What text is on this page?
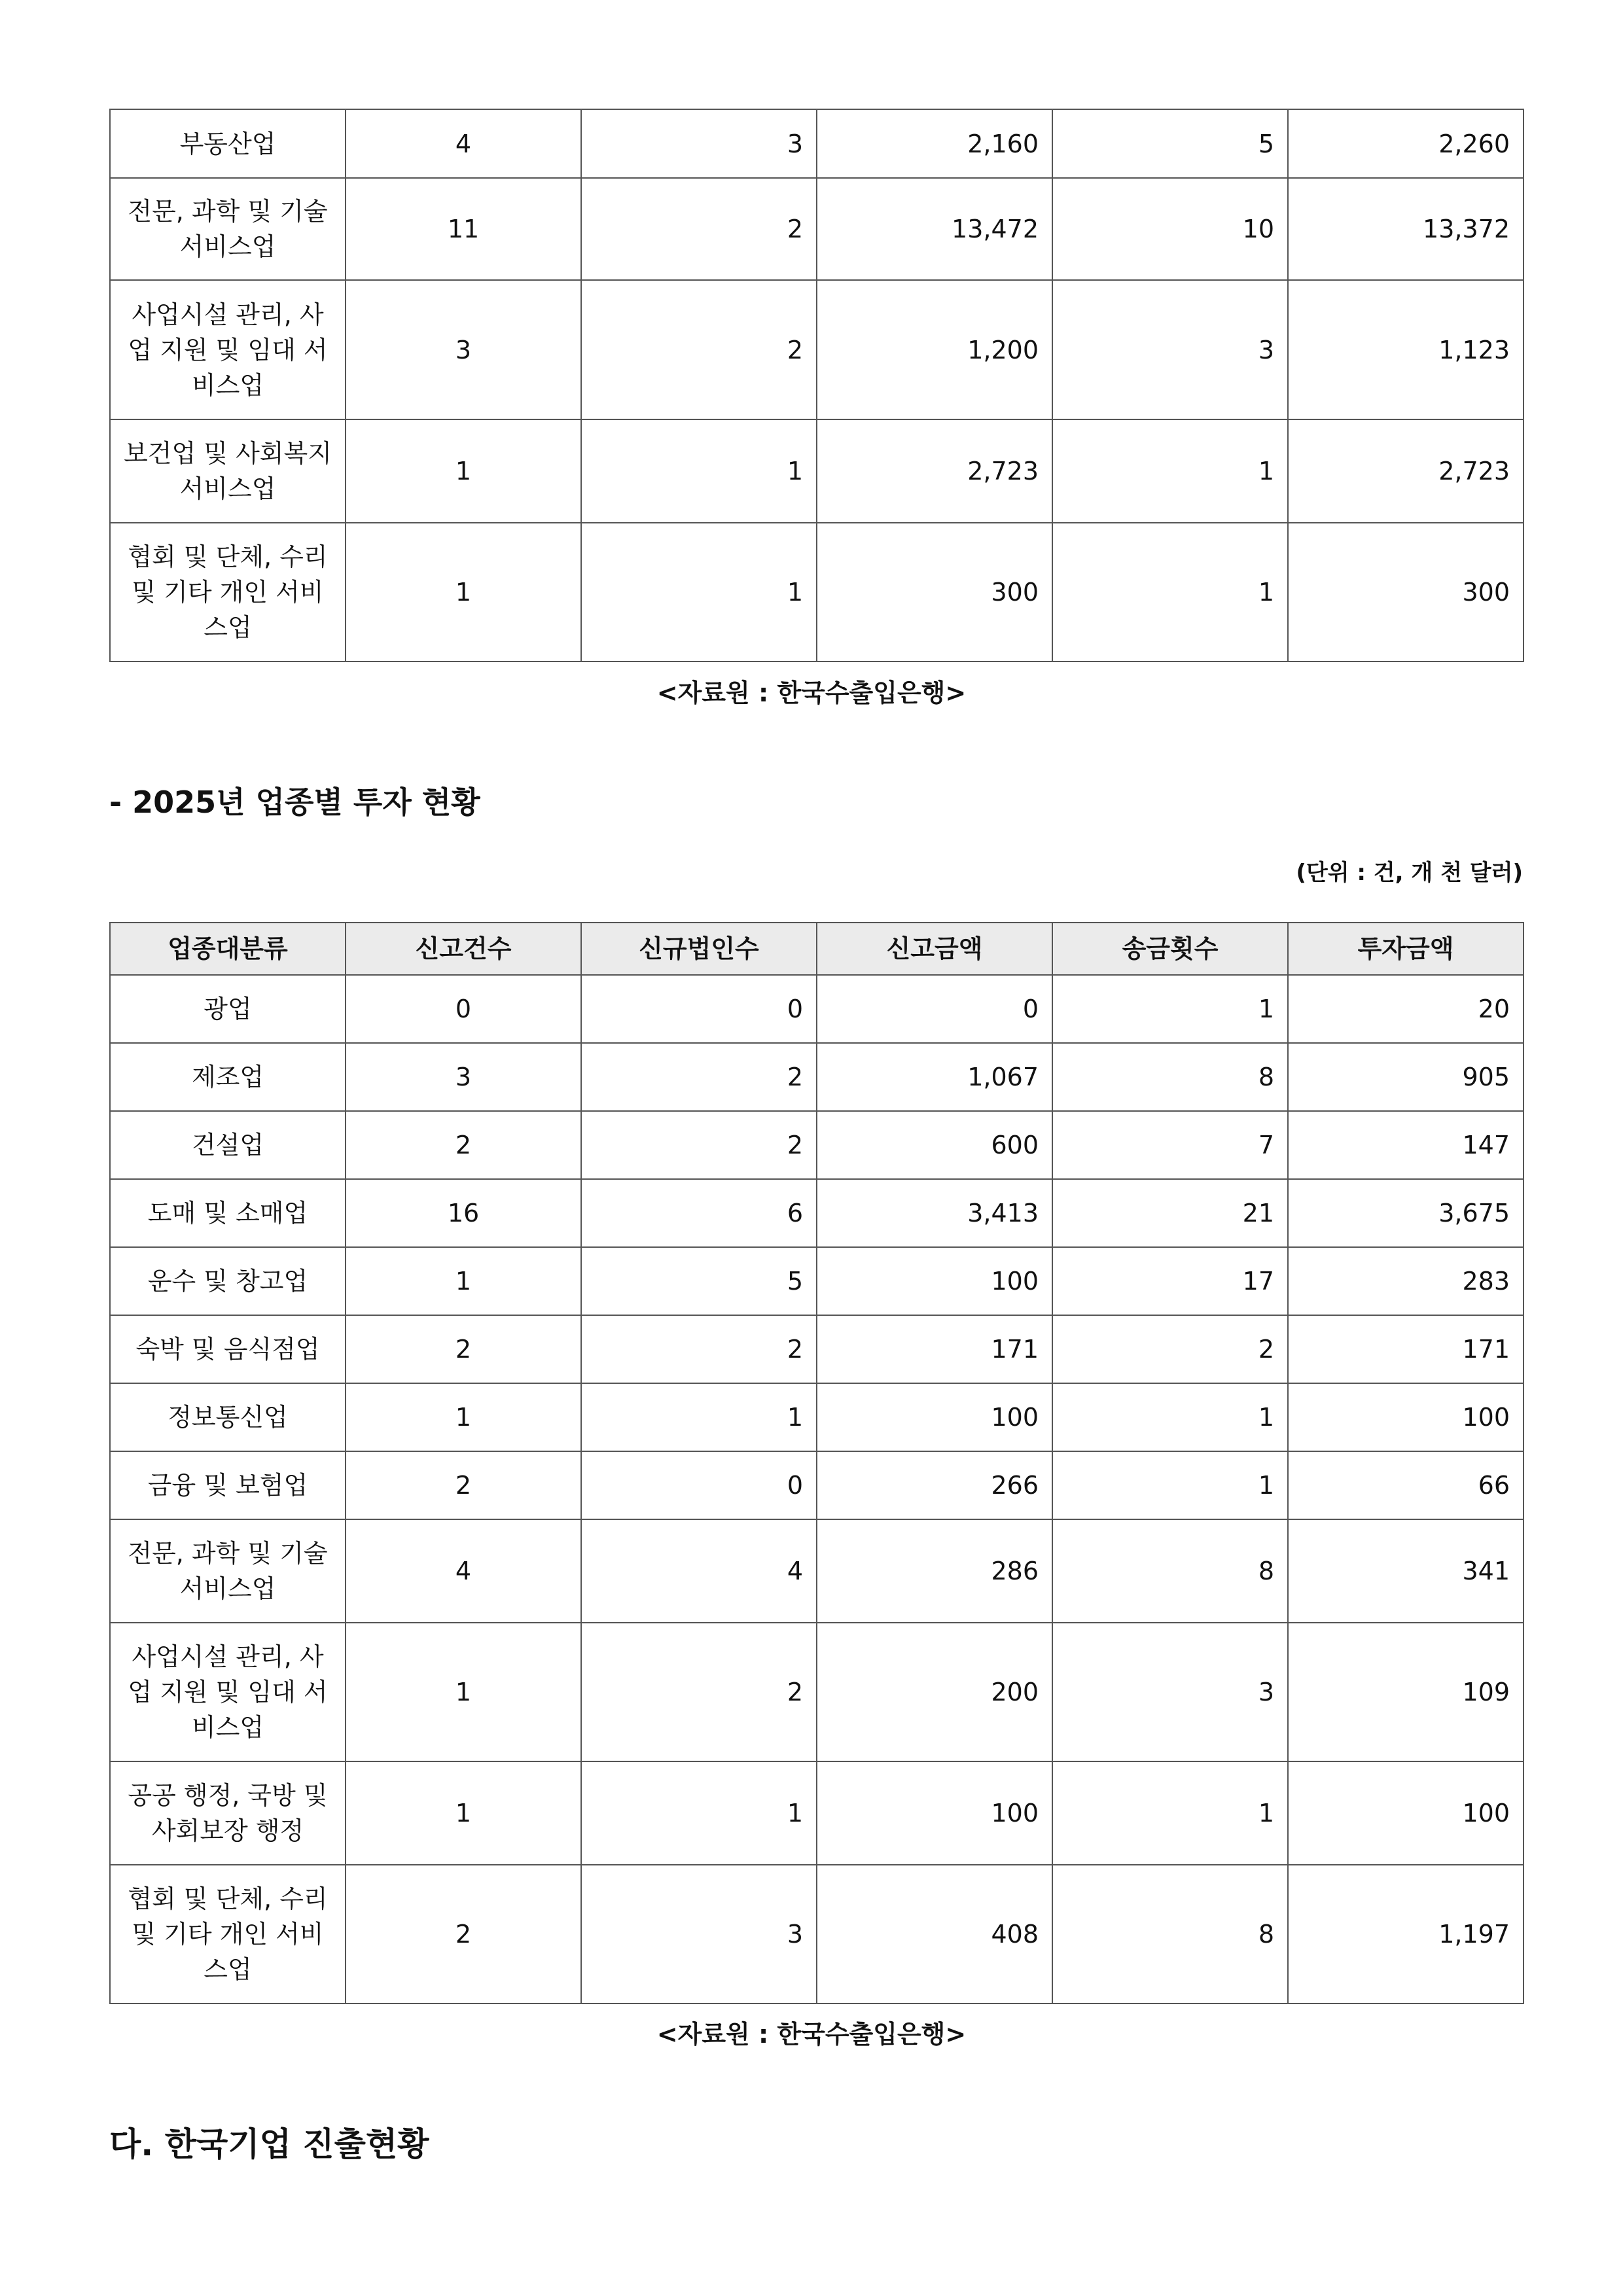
부동산업	4	3	2,160	5	2,260
전문, 과학 및 기술 서비스업	11	2	13,472	10	13,372
사업시설 관리, 사업 지원 및 임대 서비스업	3	2	1,200	3	1,123
보건업 및 사회복지 서비스업	1	1	2,723	1	2,723
협회 및 단체, 수리 및 기타 개인 서비스업	1	1	300	1	300
<자료원 : 한국수출입은행>
- 2025년 업종별 투자 현황
(단위 : 건, 개 천 달러)
업종대분류	신고건수	신규법인수	신고금액	송금횟수	투자금액
광업	0	0	0	1	20
제조업	3	2	1,067	8	905
건설업	2	2	600	7	147
도매 및 소매업	16	6	3,413	21	3,675
운수 및 창고업	1	5	100	17	283
숙박 및 음식점업	2	2	171	2	171
정보통신업	1	1	100	1	100
금융 및 보험업	2	0	266	1	66
전문, 과학 및 기술 서비스업	4	4	286	8	341
사업시설 관리, 사업 지원 및 임대 서비스업	1	2	200	3	109
공공 행정, 국방 및 사회보장 행정	1	1	100	1	100
협회 및 단체, 수리 및 기타 개인 서비스업	2	3	408	8	1,197
<자료원 : 한국수출입은행>
다. 한국기업 진출현황
